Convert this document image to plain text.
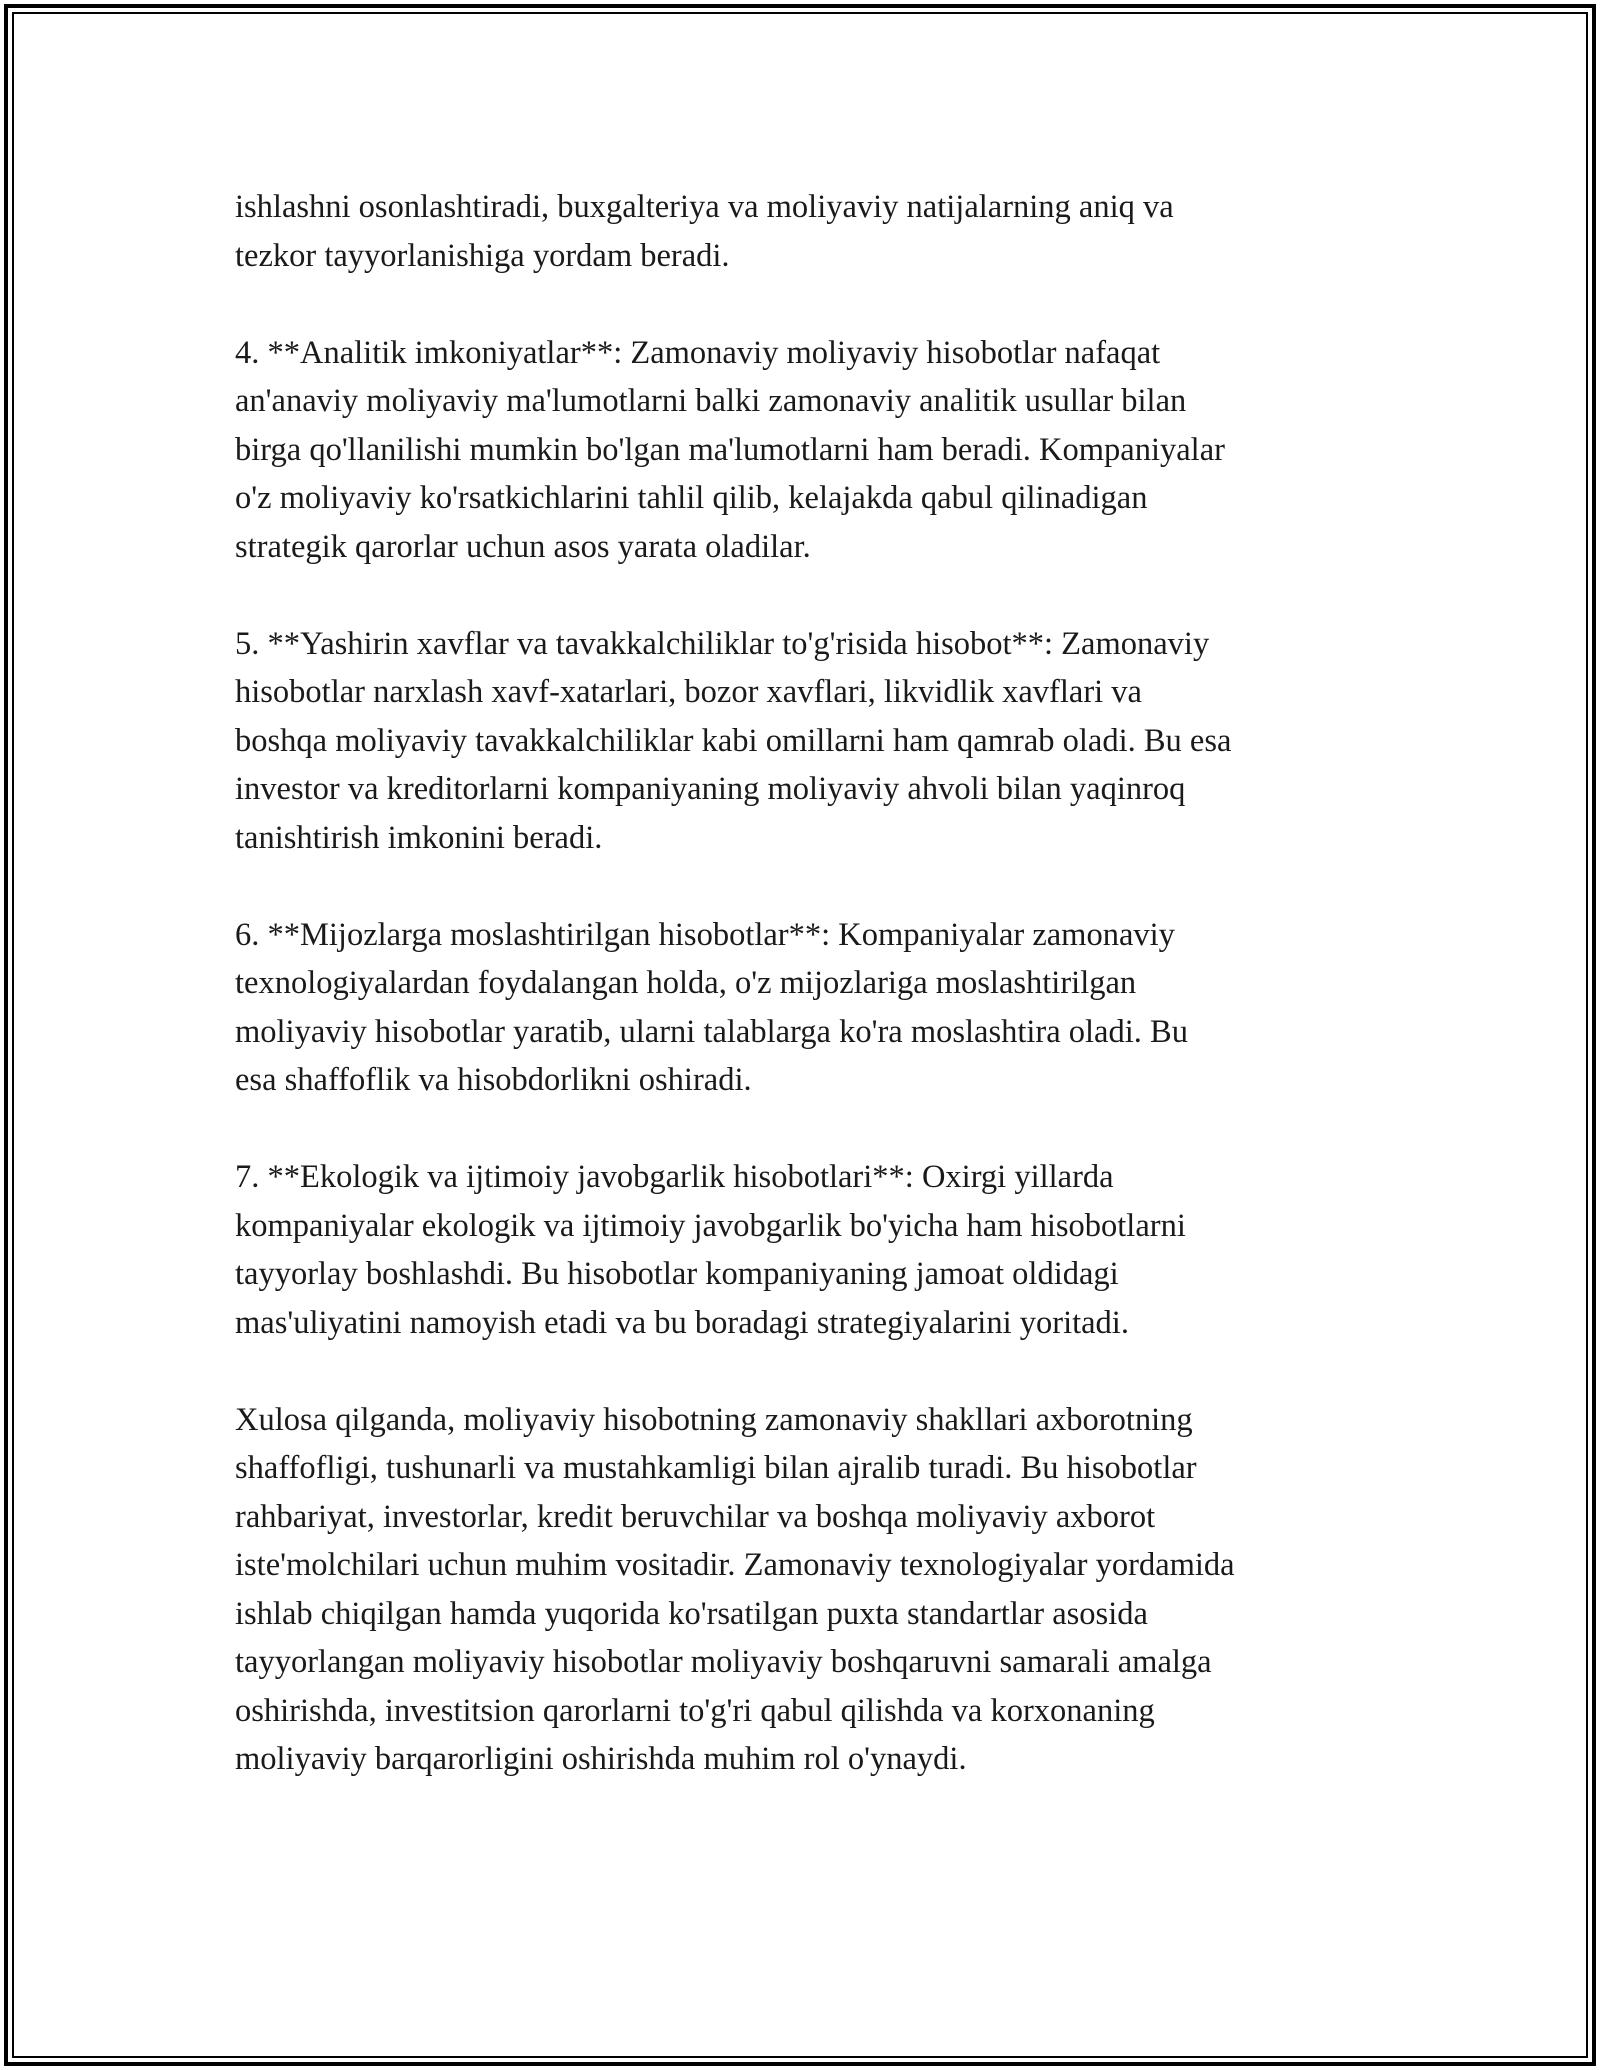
ishlashni osonlashtiradi, buxgalteriya va moliyaviy natijalarning aniq va
tezkor tayyorlanishiga yordam beradi.

4. **Analitik imkoniyatlar**: Zamonaviy moliyaviy hisobotlar nafaqat
an'anaviy moliyaviy ma'lumotlarni balki zamonaviy analitik usullar bilan
birga qo'llanilishi mumkin bo'lgan ma'lumotlarni ham beradi. Kompaniyalar
o'z moliyaviy ko'rsatkichlarini tahlil qilib, kelajakda qabul qilinadigan
strategik qarorlar uchun asos yarata oladilar.

5. **Yashirin xavflar va tavakkalchiliklar to'g'risida hisobot**: Zamonaviy
hisobotlar narxlash xavf-xatarlari, bozor xavflari, likvidlik xavflari va
boshqa moliyaviy tavakkalchiliklar kabi omillarni ham qamrab oladi. Bu esa
investor va kreditorlarni kompaniyaning moliyaviy ahvoli bilan yaqinroq
tanishtirish imkonini beradi.

6. **Mijozlarga moslashtirilgan hisobotlar**: Kompaniyalar zamonaviy
texnologiyalardan foydalangan holda, o'z mijozlariga moslashtirilgan
moliyaviy hisobotlar yaratib, ularni talablarga ko'ra moslashtira oladi. Bu
esa shaffoflik va hisobdorlikni oshiradi.

7. **Ekologik va ijtimoiy javobgarlik hisobotlari**: Oxirgi yillarda
kompaniyalar ekologik va ijtimoiy javobgarlik bo'yicha ham hisobotlarni
tayyorlay boshlashdi. Bu hisobotlar kompaniyaning jamoat oldidagi
mas'uliyatini namoyish etadi va bu boradagi strategiyalarini yoritadi.

Xulosa qilganda, moliyaviy hisobotning zamonaviy shakllari axborotning
shaffofligi, tushunarli va mustahkamligi bilan ajralib turadi. Bu hisobotlar
rahbariyat, investorlar, kredit beruvchilar va boshqa moliyaviy axborot
iste'molchilari uchun muhim vositadir. Zamonaviy texnologiyalar yordamida
ishlab chiqilgan hamda yuqorida ko'rsatilgan puxta standartlar asosida
tayyorlangan moliyaviy hisobotlar moliyaviy boshqaruvni samarali amalga
oshirishda, investitsion qarorlarni to'g'ri qabul qilishda va korxonaning
moliyaviy barqarorligini oshirishda muhim rol o'ynaydi.
